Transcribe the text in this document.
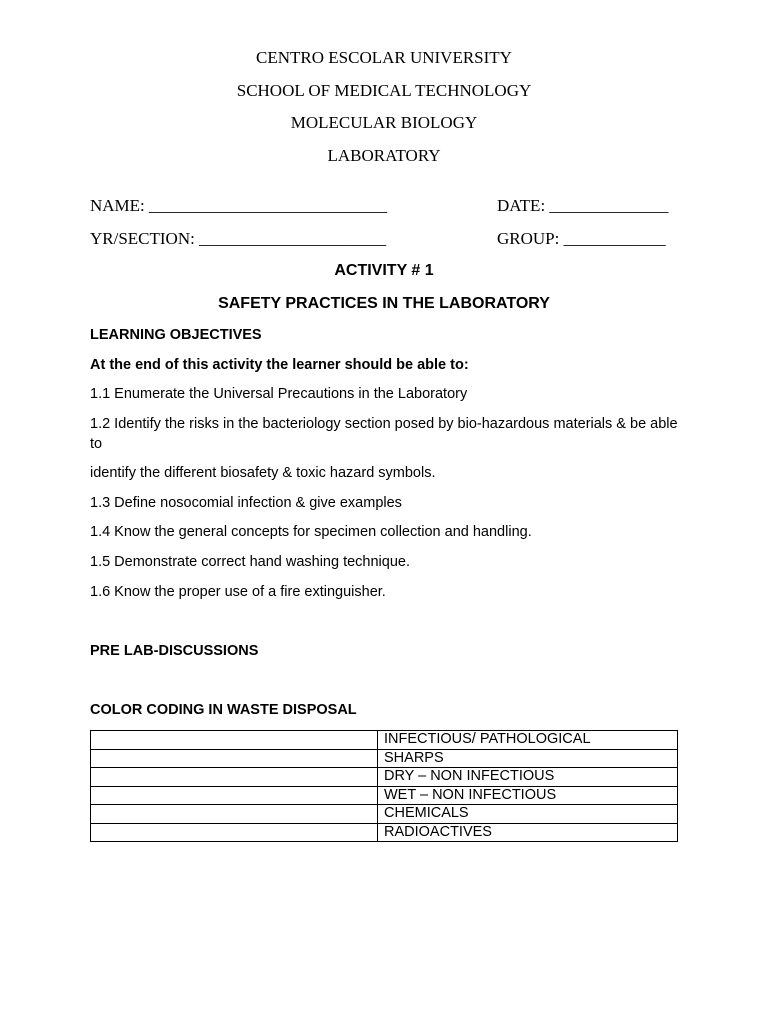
CENTRO ESCOLAR UNIVERSITY
SCHOOL OF MEDICAL TECHNOLOGY
MOLECULAR BIOLOGY
LABORATORY
NAME: ____________________________	DATE: ______________
YR/SECTION: ______________________	GROUP: ____________
ACTIVITY # 1
SAFETY PRACTICES IN THE LABORATORY
LEARNING OBJECTIVES
At the end of this activity the learner should be able to:
1.1 Enumerate the Universal Precautions in the Laboratory
1.2 Identify the risks in the bacteriology section posed by bio-hazardous materials & be able to
identify the different biosafety & toxic hazard symbols.
1.3 Define nosocomial infection & give examples
1.4 Know the general concepts for specimen collection and handling.
1.5 Demonstrate correct hand washing technique.
1.6 Know the proper use of a fire extinguisher.
PRE LAB-DISCUSSIONS
COLOR CODING IN WASTE DISPOSAL
	INFECTIOUS/ PATHOLOGICAL
	SHARPS
	DRY – NON INFECTIOUS
	WET – NON INFECTIOUS
	CHEMICALS
	RADIOACTIVES
